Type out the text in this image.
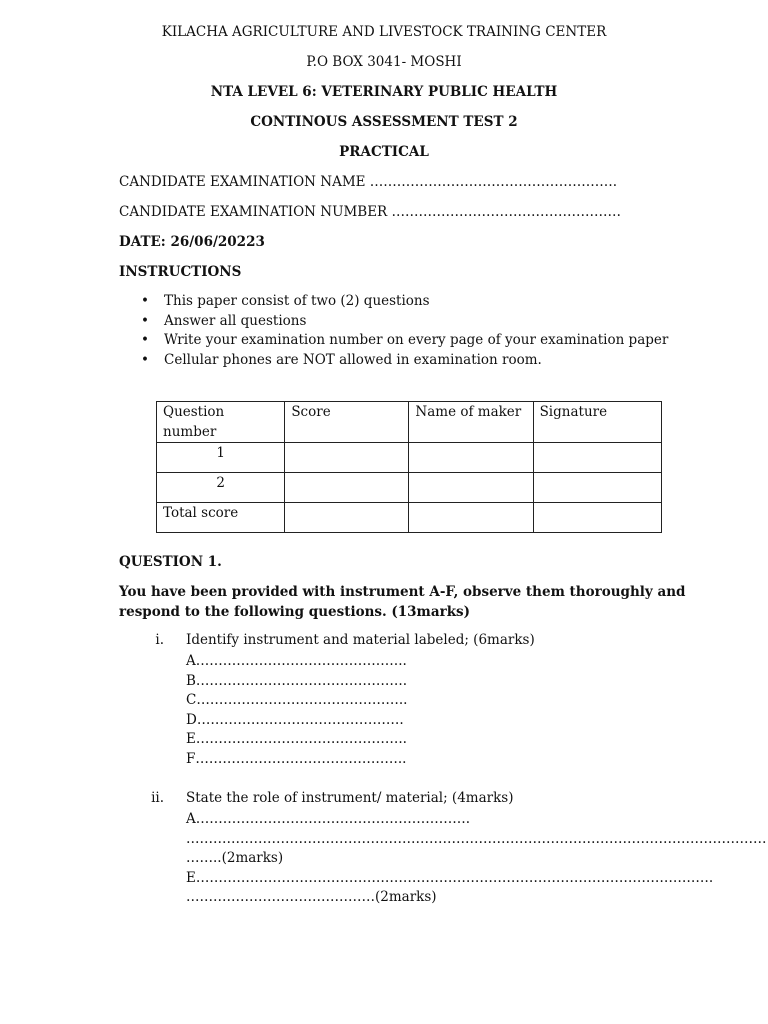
KILACHA AGRICULTURE AND LIVESTOCK TRAINING CENTER
P.O BOX 3041- MOSHI
NTA LEVEL 6: VETERINARY PUBLIC HEALTH
CONTINOUS ASSESSMENT TEST 2
PRACTICAL
CANDIDATE EXAMINATION NAME ……………………………………………….
CANDIDATE EXAMINATION NUMBER ……………………………………………
DATE: 26/06/20223
INSTRUCTIONS
• This paper consist of two (2) questions
• Answer all questions
• Write your examination number on every page of your examination paper
• Cellular phones are NOT allowed in examination room.
Question number	Score	Name of maker	Signature
1			
2			
Total score			
QUESTION 1.
You have been provided with instrument A-F, observe them thoroughly and
respond to the following questions. (13marks)
i. Identify instrument and material labeled; (6marks)
A………………………………………..
B………………………………………..
C………………………………………..
D……………………………………….
E………………………………………..
F………………………………………..
ii. State the role of instrument/ material; (4marks)
A…………………………………………………….
…………………………………………………………………………………………………………………
……..(2marks)
E…………………………………………………………………………………………………….
……………………………………(2marks)
